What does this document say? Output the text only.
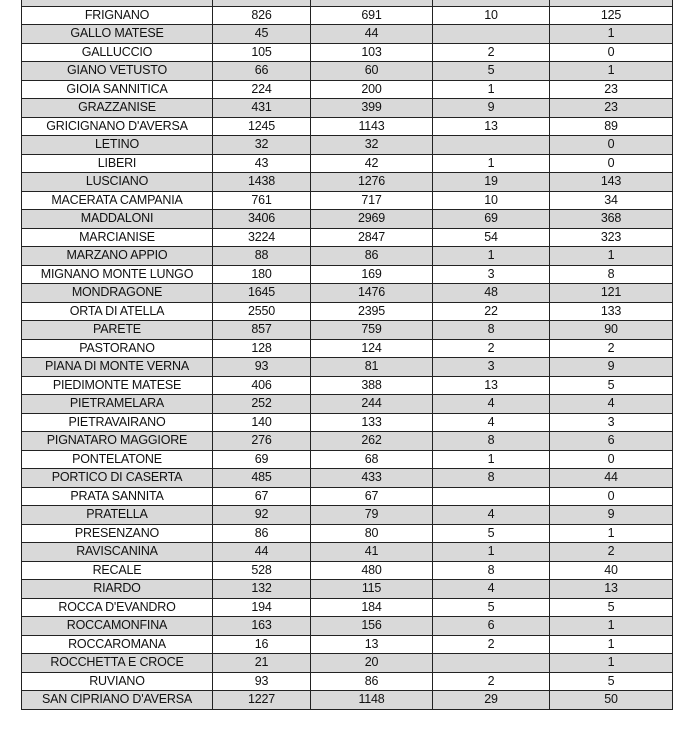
FRIGNANO	826	691	10	125
GALLO MATESE	45	44		1
GALLUCCIO	105	103	2	0
GIANO VETUSTO	66	60	5	1
GIOIA SANNITICA	224	200	1	23
GRAZZANISE	431	399	9	23
GRICIGNANO D'AVERSA	1245	1143	13	89
LETINO	32	32		0
LIBERI	43	42	1	0
LUSCIANO	1438	1276	19	143
MACERATA CAMPANIA	761	717	10	34
MADDALONI	3406	2969	69	368
MARCIANISE	3224	2847	54	323
MARZANO APPIO	88	86	1	1
MIGNANO MONTE LUNGO	180	169	3	8
MONDRAGONE	1645	1476	48	121
ORTA DI ATELLA	2550	2395	22	133
PARETE	857	759	8	90
PASTORANO	128	124	2	2
PIANA DI MONTE VERNA	93	81	3	9
PIEDIMONTE MATESE	406	388	13	5
PIETRAMELARA	252	244	4	4
PIETRAVAIRANO	140	133	4	3
PIGNATARO MAGGIORE	276	262	8	6
PONTELATONE	69	68	1	0
PORTICO DI CASERTA	485	433	8	44
PRATA SANNITA	67	67		0
PRATELLA	92	79	4	9
PRESENZANO	86	80	5	1
RAVISCANINA	44	41	1	2
RECALE	528	480	8	40
RIARDO	132	115	4	13
ROCCA D'EVANDRO	194	184	5	5
ROCCAMONFINA	163	156	6	1
ROCCAROMANA	16	13	2	1
ROCCHETTA E CROCE	21	20		1
RUVIANO	93	86	2	5
SAN CIPRIANO D'AVERSA	1227	1148	29	50
